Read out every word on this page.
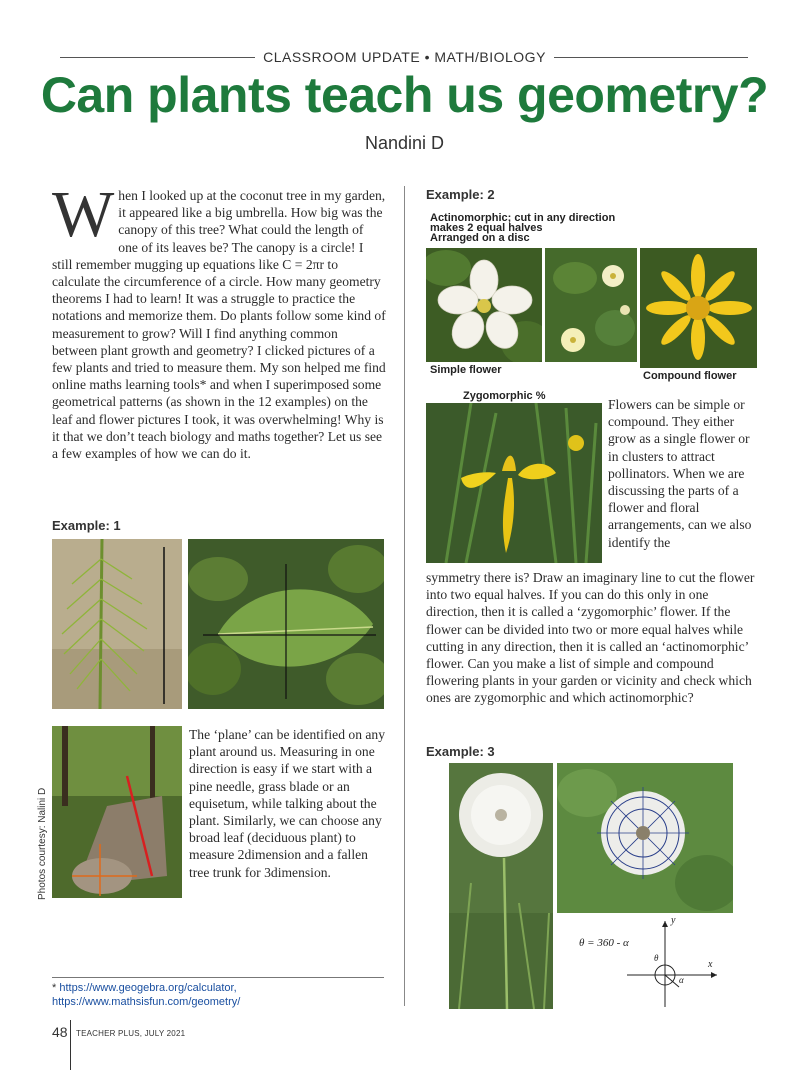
CLASSROOM UPDATE • MATH/BIOLOGY
Can plants teach us geometry?
Nandini D
When I looked up at the coconut tree in my garden, it appeared like a big umbrella. How big was the canopy of this tree? What could the length of one of its leaves be? The canopy is a circle! I still remember mugging up equations like C = 2πr to calculate the circumference of a circle. How many geometry theorems I had to learn! It was a struggle to practice the notations and memorize them. Do plants follow some kind of measurement to grow? Will I find anything common between plant growth and geometry? I clicked pictures of a few plants and tried to measure them. My son helped me find online maths learning tools* and when I superimposed some geometrical patterns (as shown in the 12 examples) on the leaf and flower pictures I took, it was overwhelming! Why is it that we don’t teach biology and maths together? Let us see a few examples of how we can do it.
Example: 1
The ‘plane’ can be identified on any plant around us. Measuring in one direction is easy if we start with a pine needle, grass blade or an equisetum, while talking about the plant. Similarly, we can choose any broad leaf (deciduous plant) to measure 2dimension and a fallen tree trunk for 3dimension.
Photos courtesy: Nalini D
Example: 2
Actinomorphic; cut in any direction
makes 2 equal halves
Arranged on a disc
Simple flower	Compound flower
Zygomorphic %
Flowers can be simple or compound. They either grow as a single flower or in clusters to attract pollinators. When we are discussing the parts of a flower and floral arrangements, can we also identify the
symmetry there is? Draw an imaginary line to cut the flower into two equal halves. If you can do this only in one direction, then it is called a ‘zygomorphic’ flower. If the flower can be divided into two or more equal halves while cutting in any direction, then it is called an ‘actinomorphic’ flower. Can you make a list of simple and compound flowering plants in your garden or vicinity and check which ones are zygomorphic and which actinomorphic?
Example: 3
θ = 360 - α
y
x
θ
α
* https://www.geogebra.org/calculator,
https://www.mathsisfun.com/geometry/
48 TEACHER PLUS, JULY 2021
